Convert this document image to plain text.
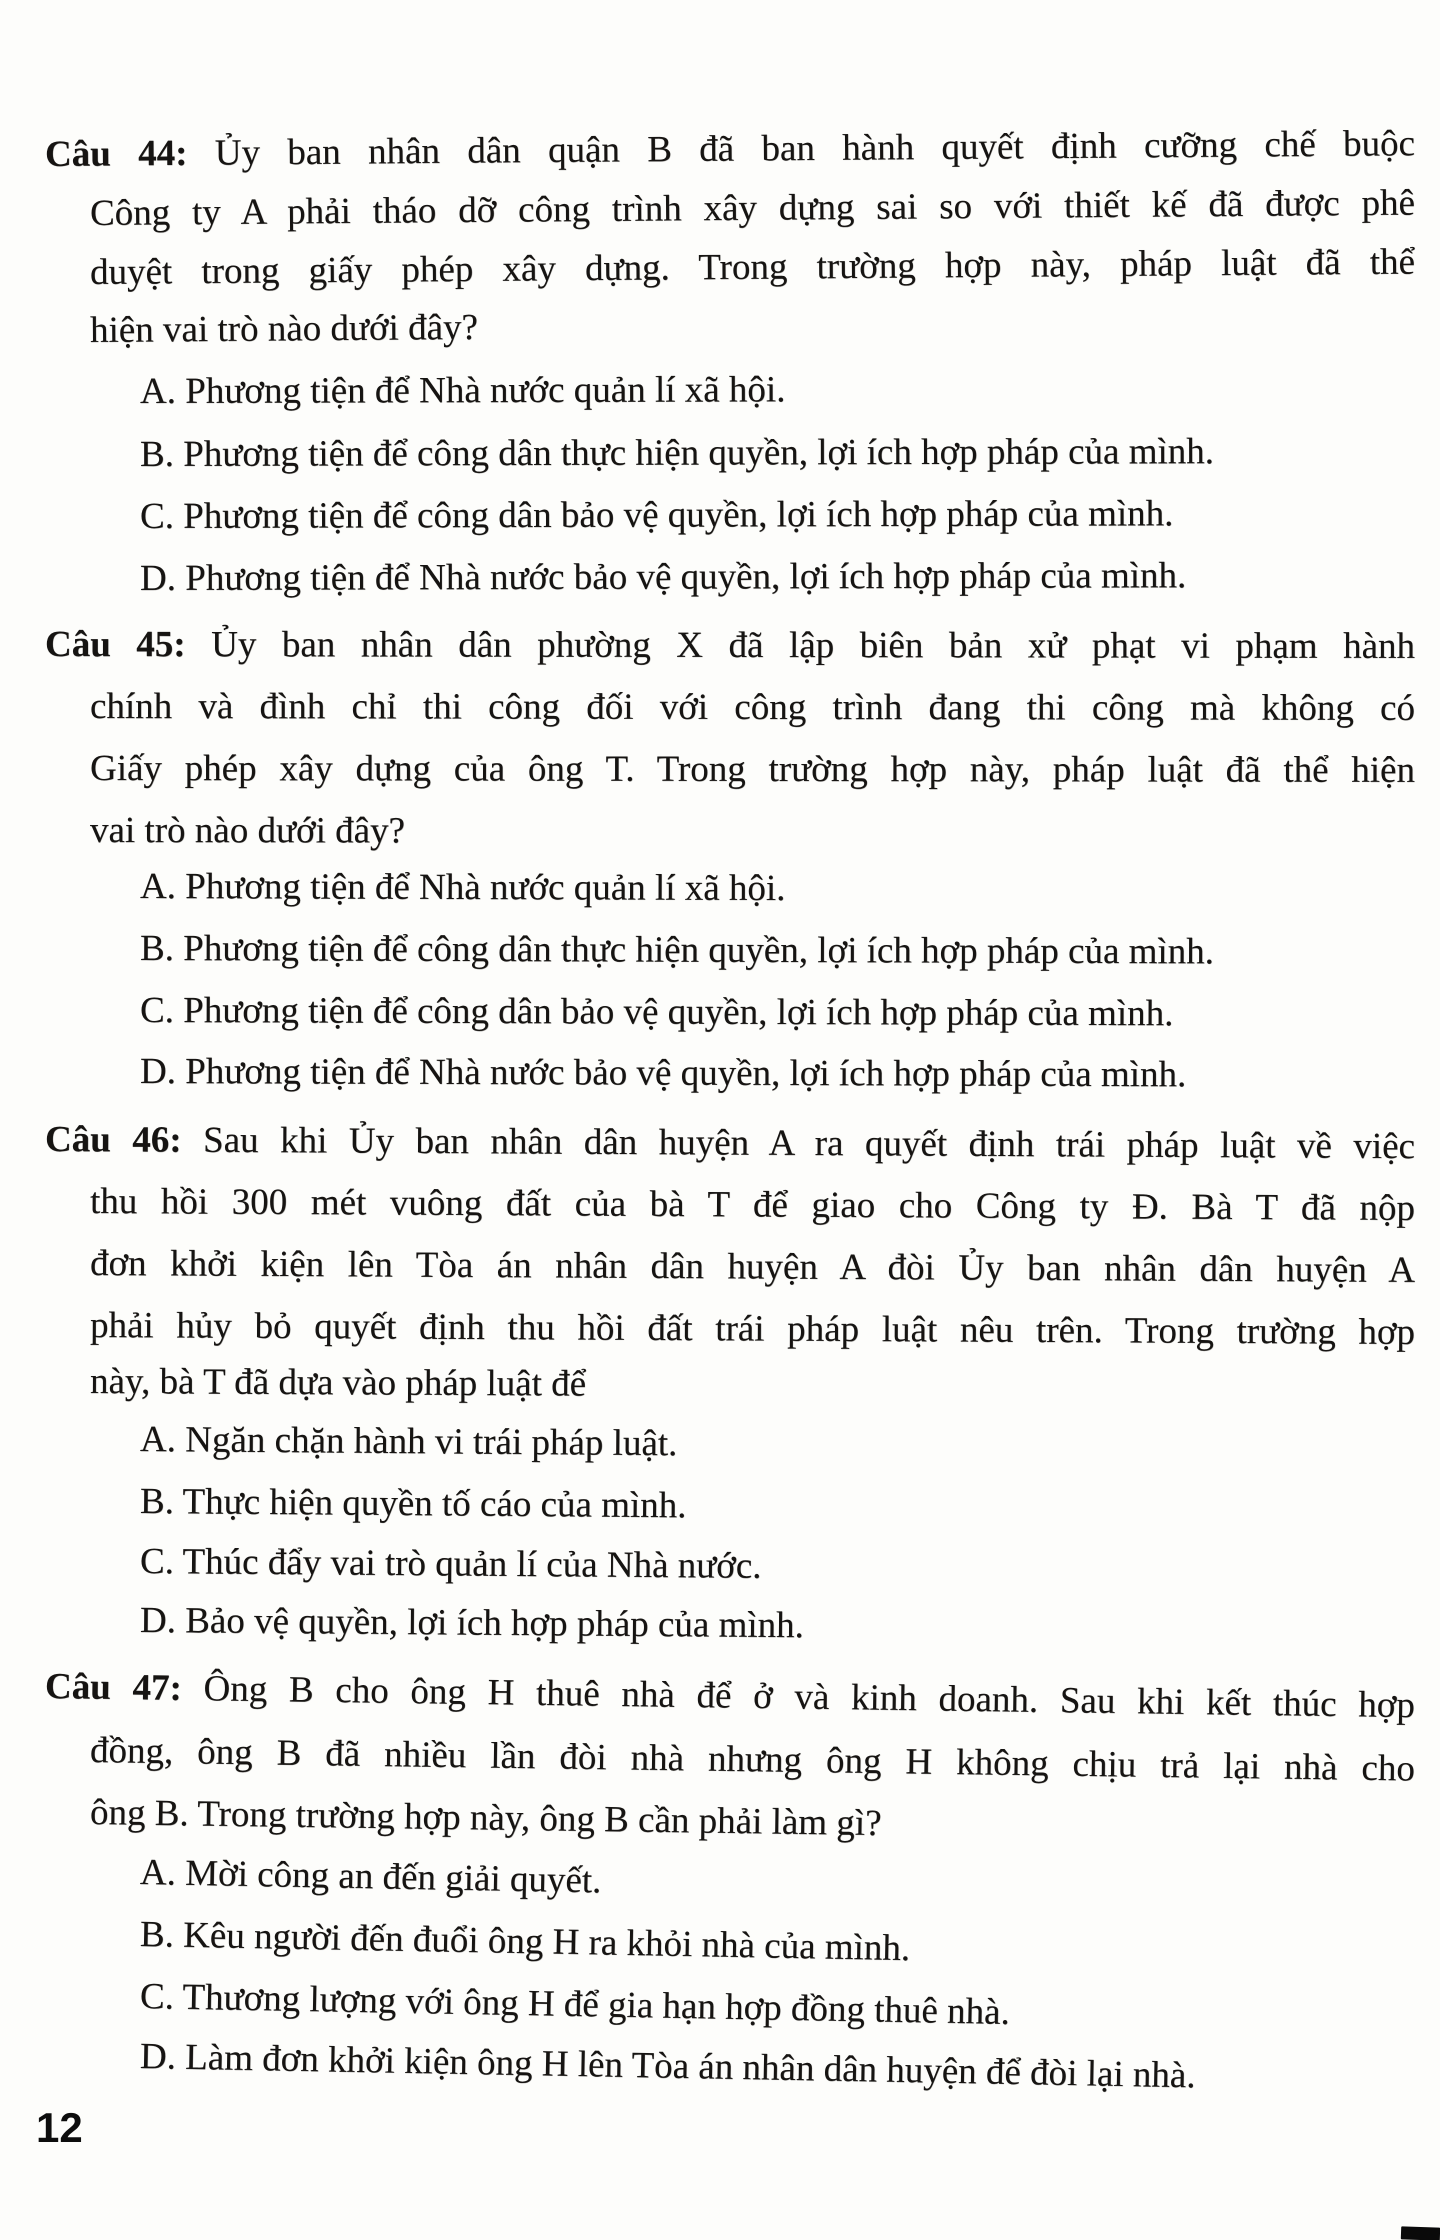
Câu 44: Ủy ban nhân dân quận B đã ban hành quyết định cưỡng chế buộc
Công ty A phải tháo dỡ công trình xây dựng sai so với thiết kế đã được phê
duyệt trong giấy phép xây dựng. Trong trường hợp này, pháp luật đã thể
hiện vai trò nào dưới đây?
A. Phương tiện để Nhà nước quản lí xã hội.
B. Phương tiện để công dân thực hiện quyền, lợi ích hợp pháp của mình.
C. Phương tiện để công dân bảo vệ quyền, lợi ích hợp pháp của mình.
D. Phương tiện để Nhà nước bảo vệ quyền, lợi ích hợp pháp của mình.
Câu 45: Ủy ban nhân dân phường X đã lập biên bản xử phạt vi phạm hành
chính và đình chỉ thi công đối với công trình đang thi công mà không có
Giấy phép xây dựng của ông T. Trong trường hợp này, pháp luật đã thể hiện
vai trò nào dưới đây?
A. Phương tiện để Nhà nước quản lí xã hội.
B. Phương tiện để công dân thực hiện quyền, lợi ích hợp pháp của mình.
C. Phương tiện để công dân bảo vệ quyền, lợi ích hợp pháp của mình.
D. Phương tiện để Nhà nước bảo vệ quyền, lợi ích hợp pháp của mình.
Câu 46: Sau khi Ủy ban nhân dân huyện A ra quyết định trái pháp luật về việc
thu hồi 300 mét vuông đất của bà T để giao cho Công ty Đ. Bà T đã nộp
đơn khởi kiện lên Tòa án nhân dân huyện A đòi Ủy ban nhân dân huyện A
phải hủy bỏ quyết định thu hồi đất trái pháp luật nêu trên. Trong trường hợp
này, bà T đã dựa vào pháp luật để
A. Ngăn chặn hành vi trái pháp luật.
B. Thực hiện quyền tố cáo của mình.
C. Thúc đẩy vai trò quản lí của Nhà nước.
D. Bảo vệ quyền, lợi ích hợp pháp của mình.
Câu 47: Ông B cho ông H thuê nhà để ở và kinh doanh. Sau khi kết thúc hợp
đồng, ông B đã nhiều lần đòi nhà nhưng ông H không chịu trả lại nhà cho
ông B. Trong trường hợp này, ông B cần phải làm gì?
A. Mời công an đến giải quyết.
B. Kêu người đến đuổi ông H ra khỏi nhà của mình.
C. Thương lượng với ông H để gia hạn hợp đồng thuê nhà.
D. Làm đơn khởi kiện ông H lên Tòa án nhân dân huyện để đòi lại nhà.
12
